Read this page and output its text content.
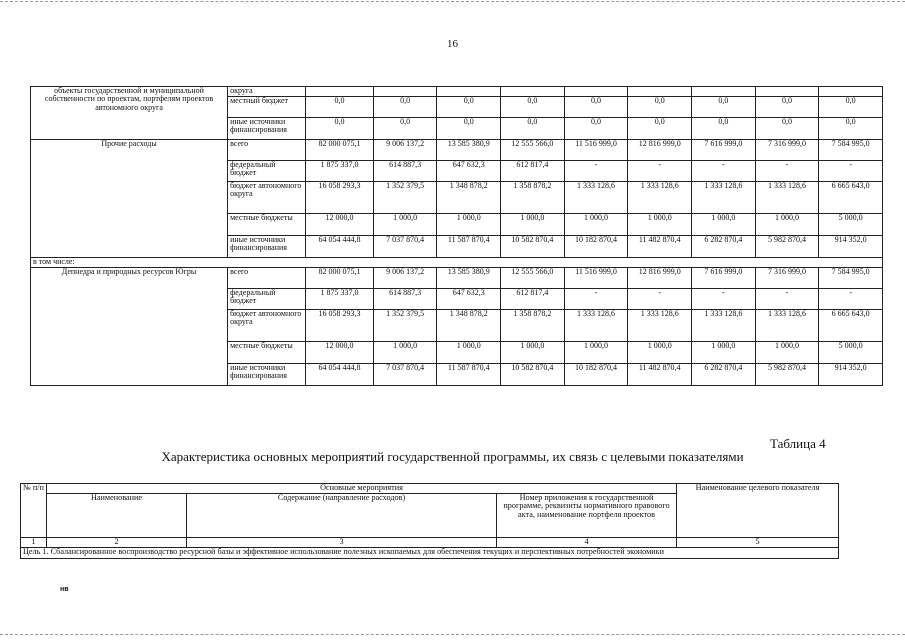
16
объекты государственной и муниципальной собственности по проектам, портфелям проектов автономного округа	округа									
	местный бюджет	0,0	0,0	0,0	0,0	0,0	0,0	0,0	0,0	0,0
	иные источники финансирования	0,0	0,0	0,0	0,0	0,0	0,0	0,0	0,0	0,0
Прочие расходы	всего	82 000 075,1	9 006 137,2	13 585 380,9	12 555 566,0	11 516 999,0	12 816 999,0	7 616 999,0	7 316 999,0	7 584 995,0
	федеральный бюджет	1 875 337,0	614 887,3	647 632,3	612 817,4	-	-	-	-	-
	бюджет автономного округа	16 058 293,3	1 352 379,5	1 348 878,2	1 358 878,2	1 333 128,6	1 333 128,6	1 333 128,6	1 333 128,6	6 665 643,0
	местные бюджеты	12 000,0	1 000,0	1 000,0	1 000,0	1 000,0	1 000,0	1 000,0	1 000,0	5 000,0
	иные источники финансирования	64 054 444,8	7 037 870,4	11 587 870,4	10 582 870,4	10 182 870,4	11 482 870,4	6 282 870,4	5 982 870,4	914 352,0
в том числе:										
Депнедра и природных ресурсов Югры	всего	82 000 075,1	9 006 137,2	13 585 380,9	12 555 566,0	11 516 999,0	12 816 999,0	7 616 999,0	7 316 999,0	7 584 995,0
	федеральный бюджет	1 875 337,0	614 887,3	647 632,3	612 817,4	-	-	-	-	-
	бюджет автономного округа	16 058 293,3	1 352 379,5	1 348 878,2	1 358 878,2	1 333 128,6	1 333 128,6	1 333 128,6	1 333 128,6	6 665 643,0
	местные бюджеты	12 000,0	1 000,0	1 000,0	1 000,0	1 000,0	1 000,0	1 000,0	1 000,0	5 000,0
	иные источники финансирования	64 054 444,8	7 037 870,4	11 587 870,4	10 582 870,4	10 182 870,4	11 482 870,4	6 282 870,4	5 982 870,4	914 352,0
Таблица 4
Характеристика основных мероприятий государственной программы, их связь с целевыми показателями
№ п/п	Основные мероприятия			Наименование целевого показателя
	Наименование	Содержание (направление расходов)	Номер приложения к государственной программе, реквизиты нормативного правового акта, наименование портфеля проектов	
1	2	3	4	5
Цель 1. Сбалансированное воспроизводство ресурсной базы и эффективное использование полезных ископаемых для обеспечения текущих и перспективных потребностей экономики				
нв
